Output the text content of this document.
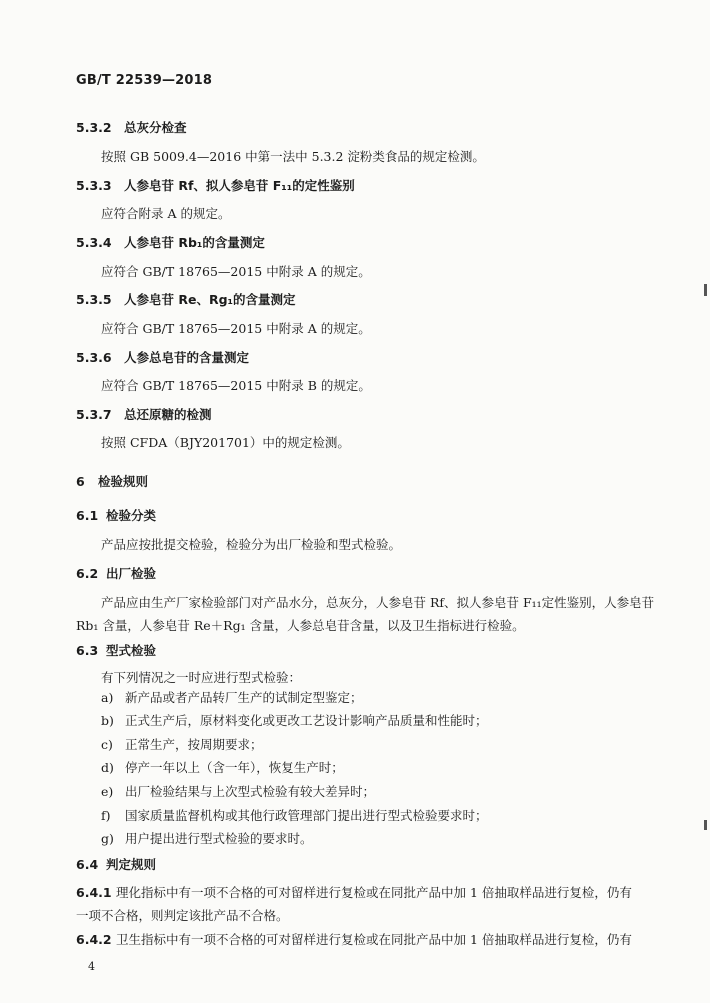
GB/T 22539—2018
5.3.2 总灰分检查
按照 GB 5009.4—2016 中第一法中 5.3.2 淀粉类食品的规定检测。
5.3.3 人参皂苷 Rf、拟人参皂苷 F₁₁的定性鉴别
应符合附录 A 的规定。
5.3.4 人参皂苷 Rb₁的含量测定
应符合 GB/T 18765—2015 中附录 A 的规定。
5.3.5 人参皂苷 Re、Rg₁的含量测定
应符合 GB/T 18765—2015 中附录 A 的规定。
5.3.6 人参总皂苷的含量测定
应符合 GB/T 18765—2015 中附录 B 的规定。
5.3.7 总还原糖的检测
按照 CFDA（BJY201701）中的规定检测。
6 检验规则
6.1 检验分类
产品应按批提交检验，检验分为出厂检验和型式检验。
6.2 出厂检验
产品应由生产厂家检验部门对产品水分，总灰分，人参皂苷 Rf、拟人参皂苷 F₁₁定性鉴别，人参皂苷
Rb₁ 含量，人参皂苷 Re＋Rg₁ 含量，人参总皂苷含量，以及卫生指标进行检验。
6.3 型式检验
有下列情况之一时应进行型式检验：
a) 新产品或者产品转厂生产的试制定型鉴定；
b) 正式生产后，原材料变化或更改工艺设计影响产品质量和性能时；
c) 正常生产，按周期要求；
d) 停产一年以上（含一年），恢复生产时；
e) 出厂检验结果与上次型式检验有较大差异时；
f) 国家质量监督机构或其他行政管理部门提出进行型式检验要求时；
g) 用户提出进行型式检验的要求时。
6.4 判定规则
6.4.1 理化指标中有一项不合格的可对留样进行复检或在同批产品中加 1 倍抽取样品进行复检，仍有
一项不合格，则判定该批产品不合格。
6.4.2 卫生指标中有一项不合格的可对留样进行复检或在同批产品中加 1 倍抽取样品进行复检，仍有
4
